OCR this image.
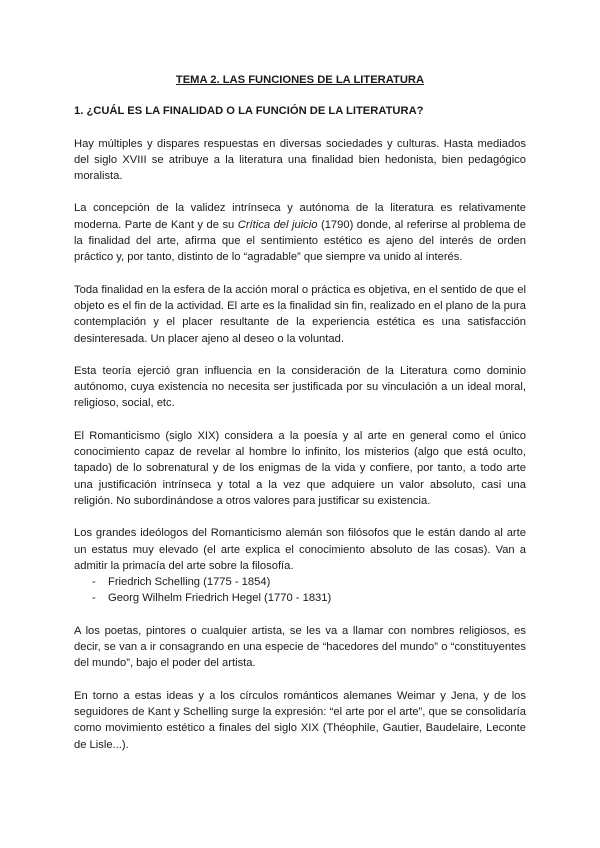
TEMA 2. LAS FUNCIONES DE LA LITERATURA
1. ¿CUÁL ES LA FINALIDAD O LA FUNCIÓN DE LA LITERATURA?

Hay múltiples y dispares respuestas en diversas sociedades y culturas. Hasta mediados del siglo XVIII se atribuye a la literatura una finalidad bien hedonista, bien pedagógico moralista.

La concepción de la validez intrínseca y autónoma de la literatura es relativamente moderna. Parte de Kant y de su Crítica del juicio (1790) donde, al referirse al problema de la finalidad del arte, afirma que el sentimiento estético es ajeno del interés de orden práctico y, por tanto, distinto de lo “agradable” que siempre va unido al interés.

Toda finalidad en la esfera de la acción moral o práctica es objetiva, en el sentido de que el objeto es el fin de la actividad. El arte es la finalidad sin fin, realizado en el plano de la pura contemplación y el placer resultante de la experiencia estética es una satisfacción desinteresada. Un placer ajeno al deseo o la voluntad.

Esta teoría ejerció gran influencia en la consideración de la Literatura como dominio autónomo, cuya existencia no necesita ser justificada por su vinculación a un ideal moral, religioso, social, etc.

El Romanticismo (siglo XIX) considera a la poesía y al arte en general como el único conocimiento capaz de revelar al hombre lo infinito, los misterios (algo que está oculto, tapado) de lo sobrenatural y de los enigmas de la vida y confiere, por tanto, a todo arte una justificación intrínseca y total a la vez que adquiere un valor absoluto, casi una religión. No subordinándose a otros valores para justificar su existencia.

Los grandes ideólogos del Romanticismo alemán son filósofos que le están dando al arte un estatus muy elevado (el arte explica el conocimiento absoluto de las cosas). Van a admitir la primacía del arte sobre la filosofía.

- Friedrich Schelling (1775 - 1854)
- Georg Wilhelm Friedrich Hegel (1770 - 1831)

A los poetas, pintores o cualquier artista, se les va a llamar con nombres religiosos, es decir, se van a ir consagrando en una especie de “hacedores del mundo” o “constituyentes del mundo”, bajo el poder del artista.

En torno a estas ideas y a los círculos románticos alemanes Weimar y Jena, y de los seguidores de Kant y Schelling surge la expresión: “el arte por el arte”, que se consolidaría como movimiento estético a finales del siglo XIX (Théophile, Gautier, Baudelaire, Leconte de Lisle...).
